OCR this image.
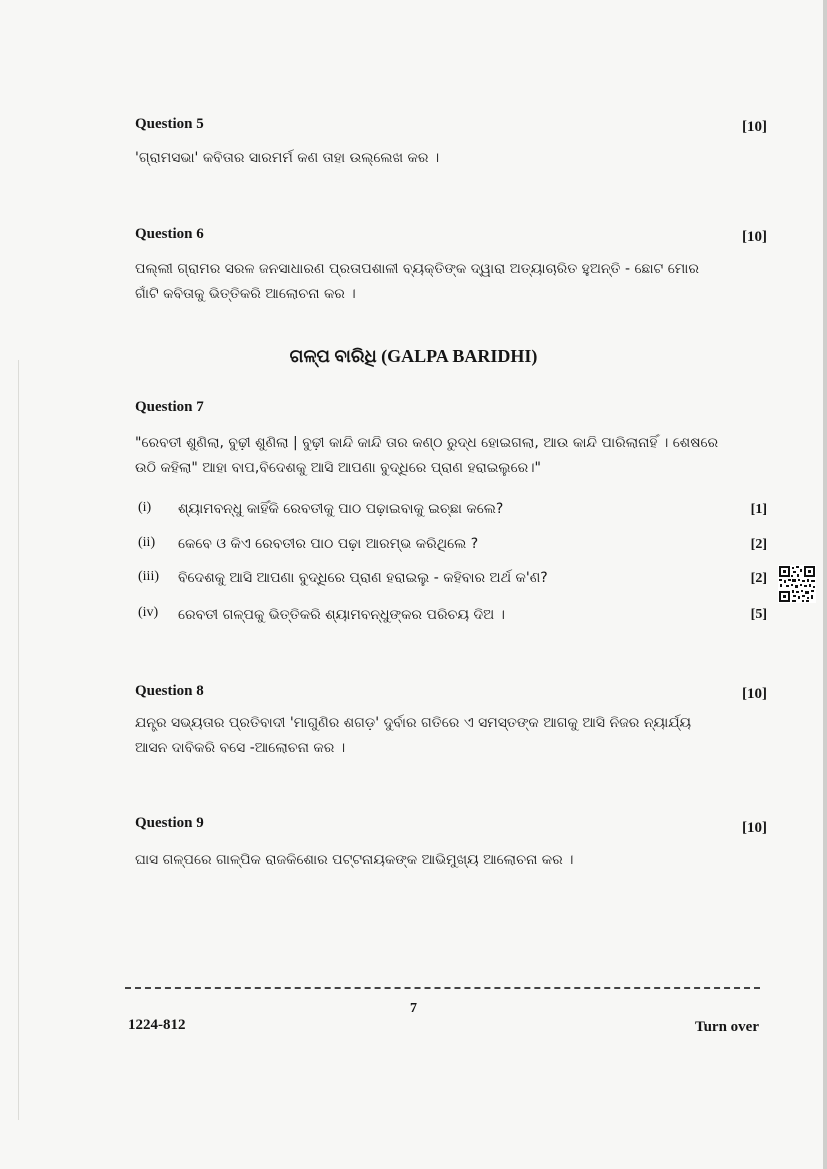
Question 5	[10]
'ଗ୍ରାମସଭା' କବିତାର ସାରମର୍ମ କଣ ତାହା ଉଲ୍ଲେଖ କର ।
Question 6	[10]
ପଲ୍ଲୀ ଗ୍ରାମର ସରଳ ଜନସାଧାରଣ ପ୍ରତାପଶାଳୀ ବ୍ୟକ୍ତିଙ୍କ ଦ୍ୱାରା ଅତ୍ୟାଚାରିତ ହୁଅନ୍ତି - ଛୋଟ ମୋର ଗାଁଟି କବିତାକୁ ଭିତ୍ତିକରି ଆଲୋଚନା କର ।
ଗଳ୍ପ ବାରିଧି (GALPA BARIDHI)
Question 7
"ରେବତୀ ଶୁଣିଲା, ବୁଢ଼ୀ ଶୁଣିଲା | ବୁଢ଼ୀ କାନ୍ଦି କାନ୍ଦି ତାର କଣ୍ଠ ରୁଦ୍ଧ ହୋଇଗଲା, ଆଉ କାନ୍ଦି ପାରିଲାନାହିଁ । ଶେଷରେ ଉଠି କହିଲା" ଆହା ବାପ,ବିଦେଶକୁ ଆସି ଆପଣା ବୁଦ୍ଧିରେ ପ୍ରାଣ ହରାଇଲୁରେ।"
(i) ଶ୍ୟାମବନ୍ଧୁ କାହିଁକି ରେବତୀକୁ ପାଠ ପଢ଼ାଇବାକୁ ଇଚ୍ଛା କଲେ?	[1]
(ii) କେବେ ଓ କିଏ ରେବତୀର ପାଠ ପଢ଼ା ଆରମ୍ଭ କରିଥିଲେ ?	[2]
(iii) ବିଦେଶକୁ ଆସି ଆପଣା ବୁଦ୍ଧିରେ ପ୍ରାଣ ହରାଇଲୁ - କହିବାର ଅର୍ଥ କ'ଣ?	[2]
(iv) ରେବତୀ ଗଳ୍ପକୁ ଭିତ୍ତିକରି ଶ୍ୟାମବନ୍ଧୁଙ୍କର ପରିଚୟ ଦିଅ ।	[5]
Question 8	[10]
ଯନ୍ତ୍ର ସଭ୍ୟତାର ପ୍ରତିବାଦୀ 'ମାଗୁଣିର ଶଗଡ଼' ଦୁର୍ବାର ଗତିରେ ଏ ସମସ୍ତଙ୍କ ଆଗକୁ ଆସି ନିଜର ନ୍ୟାର୍ଯ୍ୟ ଆସନ ଦାବିକରି ବସେ -ଆଲୋଚନା କର ।
Question 9	[10]
ଘାସ ଗଳ୍ପରେ ଗାଳ୍ପିକ ରାଜକିଶୋର ପଟ୍ଟନାୟକଙ୍କ ଆଭିମୁଖ୍ୟ ଆଲୋଚନା କର ।
7
1224-812	Turn over
